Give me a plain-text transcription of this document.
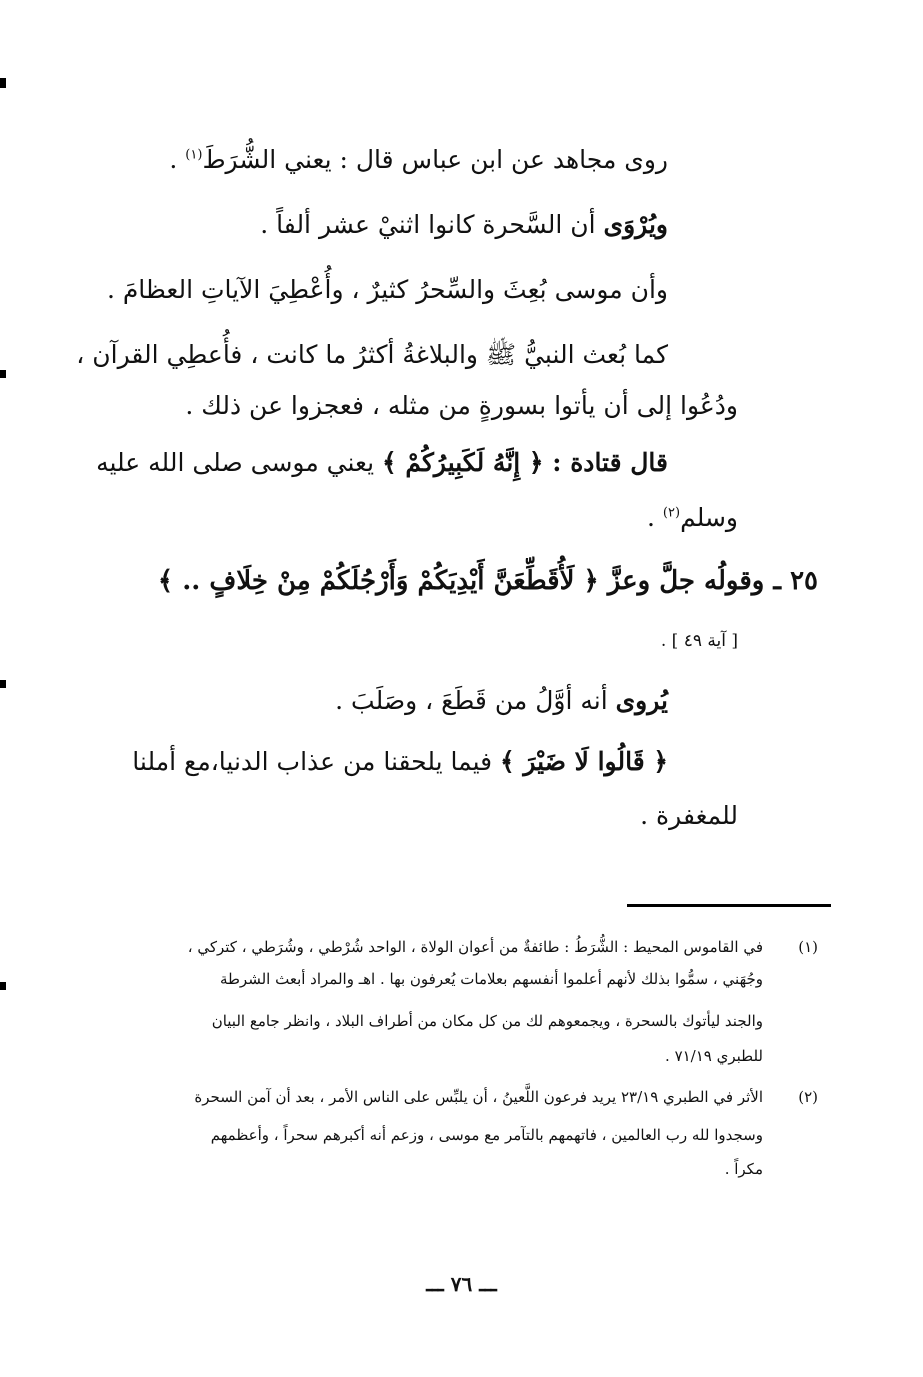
روى مجاهد عن ابن عباس قال : يعني الشُّرَطَ$^{(١)}$ .
ويُرْوَى أن السَّحرة كانوا اثنيْ عشر ألفاً .
وأن موسى بُعِثَ والسِّحرُ كثيرٌ ، وأُعْطِيَ الآياتِ العظامَ .
كما بُعث النبيُّ ﷺ والبلاغةُ أكثرُ ما كانت ، فأُعطِي القرآن ،
ودُعُوا إلى أن يأتوا بسورةٍ من مثله ، فعجزوا عن ذلك .
قال قتادة : ﴿ إِنَّهُ لَكَبِيرُكُمْ ﴾ يعني موسى صلى الله عليه
وسلم$^{(٢)}$ .
٢٥ ـ وقولُه جلَّ وعزَّ ﴿ لَأُقَطِّعَنَّ أَيْدِيَكُمْ وَأَرْجُلَكُمْ مِنْ خِلَافٍ .. ﴾
[ آية ٤٩ ] .
يُروى أنه أوَّلُ من قَطَعَ ، وصَلَبَ .
﴿ قَالُوا لَا ضَيْرَ ﴾ فيما يلحقنا من عذاب الدنيا،مع أملنا
للمغفرة .
(١)
في القاموس المحيط : الشُّرَطُ : طائفةٌ من أعوان الولاة ، الواحد شُرْطي ، وشُرَطي ، كتركي ،
وجُهَني ، سمُّوا بذلك لأنهم أعلموا أنفسهم بعلامات يُعرفون بها . اهـ والمراد أبعث الشرطة
والجند ليأتوك بالسحرة ، ويجمعوهم لك من كل مكان من أطراف البلاد ، وانظر جامع البيان
للطبري ٧١/١٩ .
(٢)
الأثر في الطبري ٢٣/١٩ يريد فرعون اللَّعينُ ، أن يلبِّس على الناس الأمر ، بعد أن آمن السحرة
وسجدوا لله رب العالمين ، فاتهمهم بالتآمر مع موسى ، وزعم أنه أكبرهم سحراً ، وأعظمهم
مكراً .
ـــ ٧٦ ـــ
